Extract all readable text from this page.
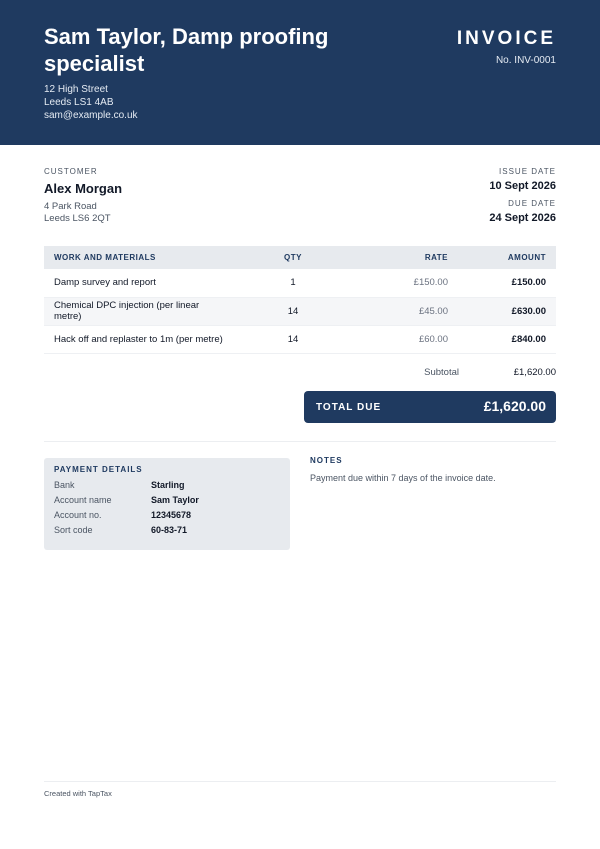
Sam Taylor, Damp proofing specialist
12 High Street
Leeds LS1 4AB
sam@example.co.uk
INVOICE
No. INV-0001
CUSTOMER
Alex Morgan
4 Park Road
Leeds LS6 2QT
ISSUE DATE
10 Sept 2026
DUE DATE
24 Sept 2026
WORK AND MATERIALS	QTY	RATE	AMOUNT
Damp survey and report	1	£150.00	£150.00
Chemical DPC injection (per linear metre)	14	£45.00	£630.00
Hack off and replaster to 1m (per metre)	14	£60.00	£840.00
Subtotal	£1,620.00
TOTAL DUE	£1,620.00
PAYMENT DETAILS
Bank	Starling
Account name	Sam Taylor
Account no.	12345678
Sort code	60-83-71
NOTES
Payment due within 7 days of the invoice date.
Created with TapTax
